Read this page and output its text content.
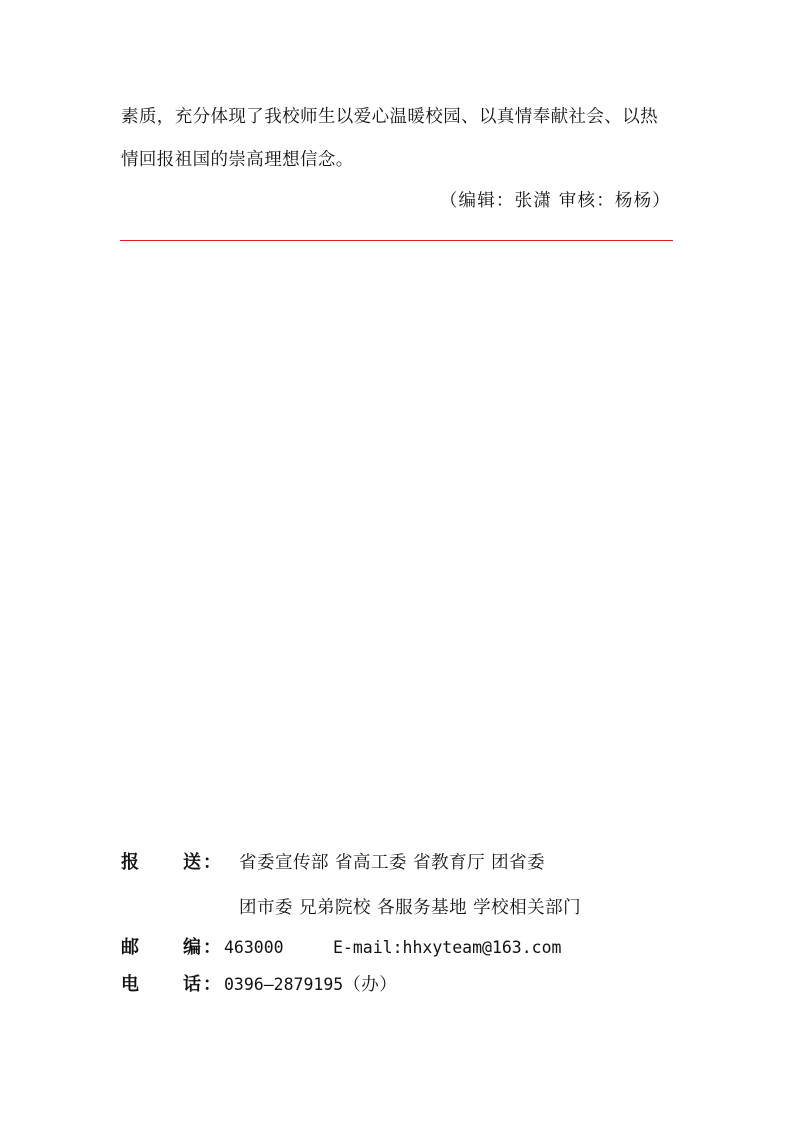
素质，充分体现了我校师生以爱心温暖校园、以真情奉献社会、以热
情回报祖国的崇高理想信念。
（编辑：张潇 审核：杨杨）
报 送 ： 省委宣传部 省高工委 省教育厅 团省委
团市委 兄弟院校 各服务基地 学校相关部门
邮 编 ： 463000	E-mail:hhxyteam@163.com
电 话 ： 0396—2879195（办）
